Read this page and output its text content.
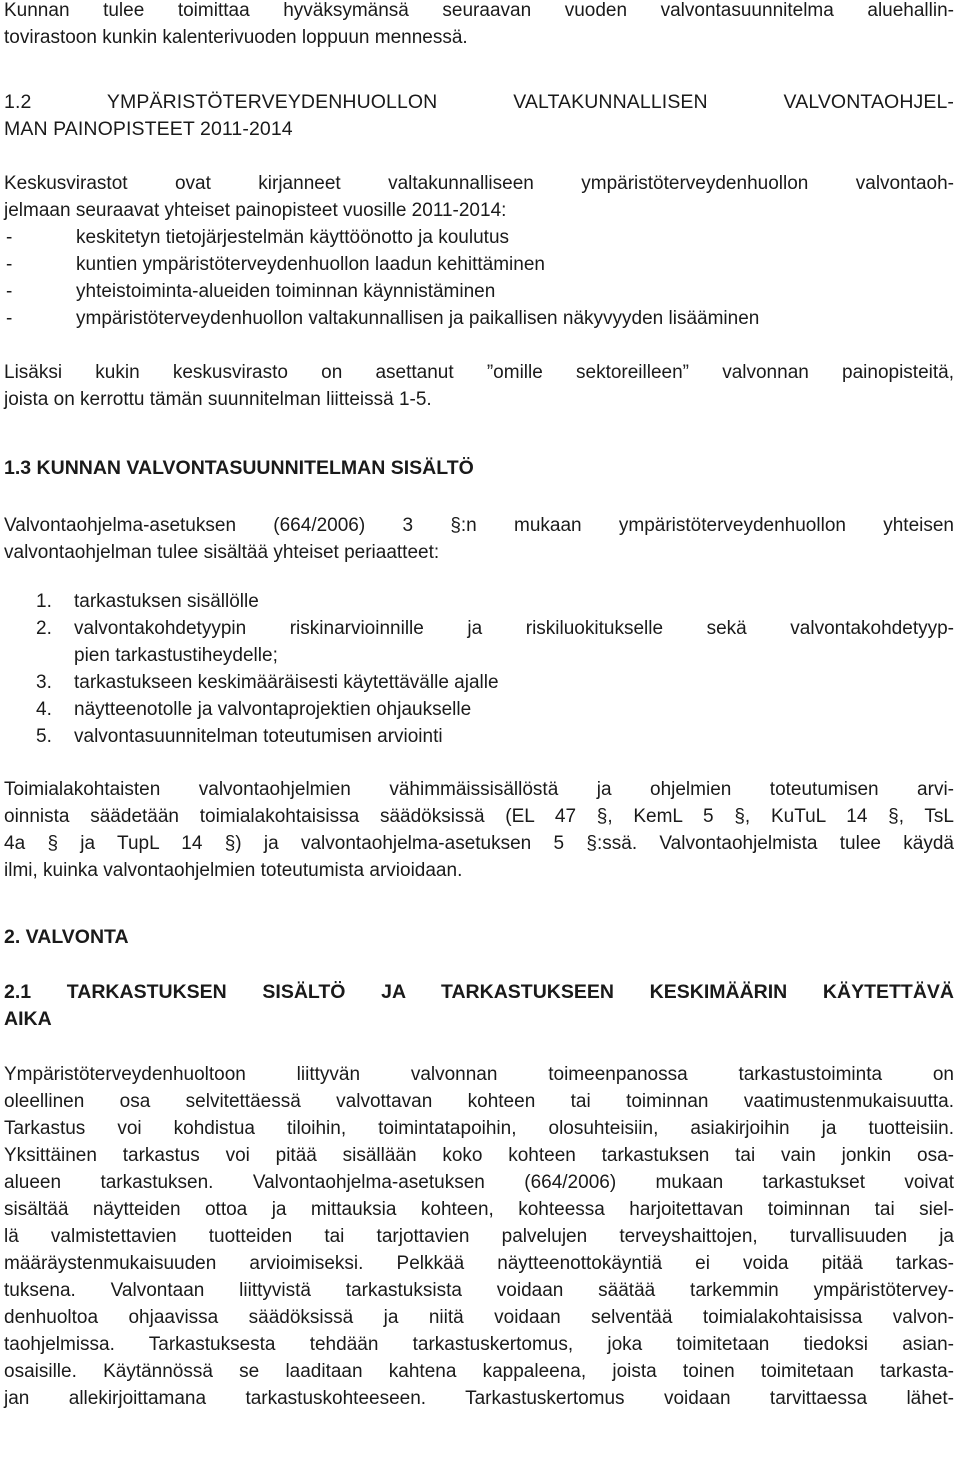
Kunnan tulee toimittaa hyväksymänsä seuraavan vuoden valvontasuunnitelma aluehallin-

tovirastoon kunkin kalenterivuoden loppuun mennessä.

1.2 YMPÄRISTÖTERVEYDENHUOLLON VALTAKUNNALLISEN VALVONTAOHJEL-

MAN PAINOPISTEET 2011-2014

Keskusvirastot ovat kirjanneet valtakunnalliseen ympäristöterveydenhuollon valvontaoh-

jelmaan seuraavat yhteiset painopisteet vuosille 2011-2014:

-	keskitetyn tietojärjestelmän käyttöönotto ja koulutus
-	kuntien ympäristöterveydenhuollon laadun kehittäminen
-	yhteistoiminta-alueiden toiminnan käynnistäminen
-	ympäristöterveydenhuollon valtakunnallisen ja paikallisen näkyvyyden lisääminen

Lisäksi kukin keskusvirasto on asettanut ”omille sektoreilleen” valvonnan painopisteitä,

joista on kerrottu tämän suunnitelman liitteissä 1-5.

1.3 KUNNAN VALVONTASUUNNITELMAN SISÄLTÖ

Valvontaohjelma-asetuksen (664/2006) 3 §:n mukaan ympäristöterveydenhuollon yhteisen

valvontaohjelman tulee sisältää yhteiset periaatteet:

1.	tarkastuksen sisällölle
2.	valvontakohdetyypin riskinarvioinnille ja riskiluokitukselle sekä valvontakohdetyyp-
pien tarkastustiheydelle;
3.	tarkastukseen keskimääräisesti käytettävälle ajalle
4.	näytteenotolle ja valvontaprojektien ohjaukselle
5.	valvontasuunnitelman toteutumisen arviointi

Toimialakohtaisten valvontaohjelmien vähimmäissisällöstä ja ohjelmien toteutumisen arvi-

oinnista säädetään toimialakohtaisissa säädöksissä (EL 47 §, KemL 5 §, KuTuL 14 §, TsL

4a § ja TupL 14 §) ja valvontaohjelma-asetuksen 5 §:ssä. Valvontaohjelmista tulee käydä

ilmi, kuinka valvontaohjelmien toteutumista arvioidaan.

2. VALVONTA

2.1 TARKASTUKSEN SISÄLTÖ JA TARKASTUKSEEN KESKIMÄÄRIN KÄYTETTÄVÄ

AIKA

Ympäristöterveydenhuoltoon liittyvän valvonnan toimeenpanossa tarkastustoiminta on

oleellinen osa selvitettäessä valvottavan kohteen tai toiminnan vaatimustenmukaisuutta.

Tarkastus voi kohdistua tiloihin, toimintatapoihin, olosuhteisiin, asiakirjoihin ja tuotteisiin.

Yksittäinen tarkastus voi pitää sisällään koko kohteen tarkastuksen tai vain jonkin osa-

alueen tarkastuksen. Valvontaohjelma-asetuksen (664/2006) mukaan tarkastukset voivat

sisältää näytteiden ottoa ja mittauksia kohteen, kohteessa harjoitettavan toiminnan tai siel-

lä valmistettavien tuotteiden tai tarjottavien palvelujen terveyshaittojen, turvallisuuden ja

määräystenmukaisuuden arvioimiseksi. Pelkkää näytteenottokäyntiä ei voida pitää tarkas-

tuksena. Valvontaan liittyvistä tarkastuksista voidaan säätää tarkemmin ympäristötervey-

denhuoltoa ohjaavissa säädöksissä ja niitä voidaan selventää toimialakohtaisissa valvon-

taohjelmissa. Tarkastuksesta tehdään tarkastuskertomus, joka toimitetaan tiedoksi asian-

osaisille. Käytännössä se laaditaan kahtena kappaleena, joista toinen toimitetaan tarkasta-

jan allekirjoittamana tarkastuskohteeseen. Tarkastuskertomus voidaan tarvittaessa lähet-
